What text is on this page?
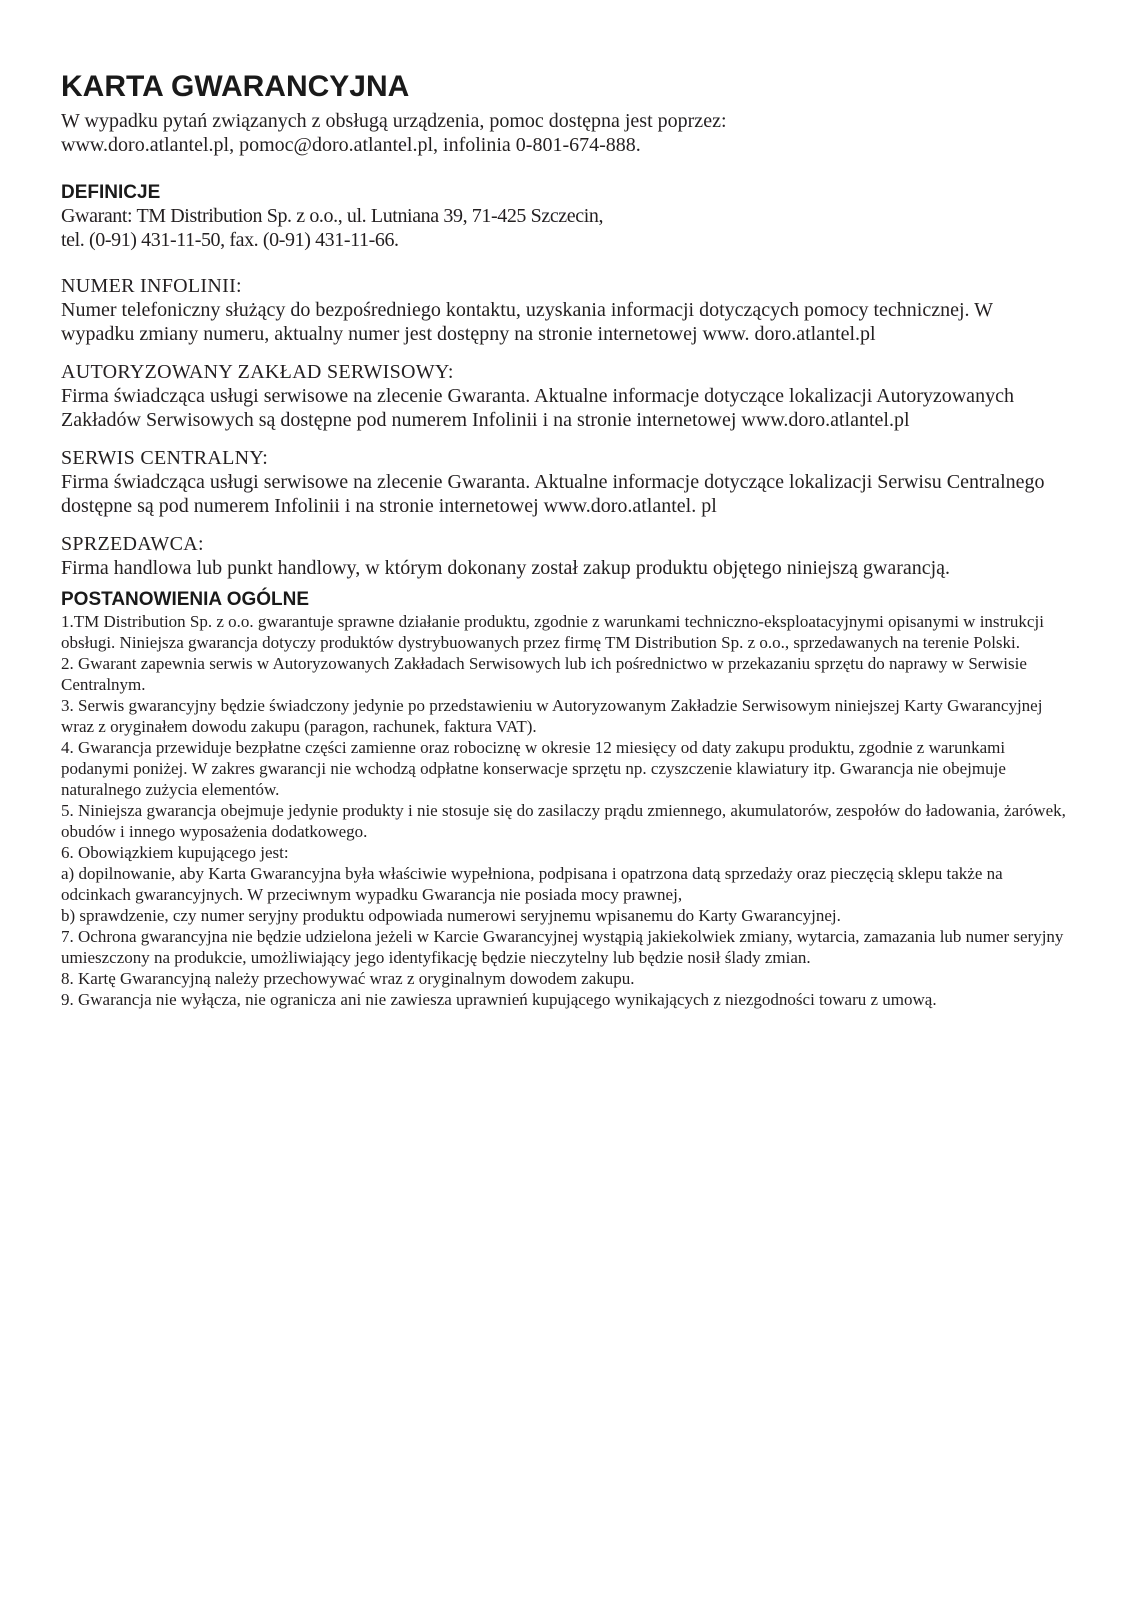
KARTA GWARANCYJNA

W wypadku pytań związanych z obsługą urządzenia, pomoc dostępna jest poprzez:
www.doro.atlantel.pl, pomoc@doro.atlantel.pl, infolinia 0-801-674-888.

DEFINICJE

Gwarant: TM Distribution Sp. z o.o., ul. Lutniana 39, 71-425 Szczecin,
tel. (0-91) 431-11-50, fax. (0-91) 431-11-66.

NUMER INFOLINII:

Numer telefoniczny służący do bezpośredniego kontaktu, uzyskania informacji dotyczących pomocy technicznej. W wypadku zmiany numeru, aktualny numer jest dostępny na stronie internetowej www. doro.atlantel.pl

AUTORYZOWANY ZAKŁAD SERWISOWY:

Firma świadcząca usługi serwisowe na zlecenie Gwaranta. Aktualne informacje dotyczące lokalizacji Autoryzowanych Zakładów Serwisowych są dostępne pod numerem Infolinii i na stronie internetowej www.doro.atlantel.pl

SERWIS CENTRALNY:

Firma świadcząca usługi serwisowe na zlecenie Gwaranta. Aktualne informacje dotyczące lokalizacji Serwisu Centralnego dostępne są pod numerem Infolinii i na stronie internetowej www.doro.atlantel. pl

SPRZEDAWCA:

Firma handlowa lub punkt handlowy, w którym dokonany został zakup produktu objętego niniejszą gwarancją.

POSTANOWIENIA OGÓLNE

1.TM Distribution Sp. z o.o. gwarantuje sprawne działanie produktu, zgodnie z warunkami techniczno-eksploatacyjnymi opisanymi w instrukcji obsługi. Niniejsza gwarancja dotyczy produktów dystrybuowanych przez firmę TM Distribution Sp. z o.o., sprzedawanych na terenie Polski.

2. Gwarant zapewnia serwis w Autoryzowanych Zakładach Serwisowych lub ich pośrednictwo w przekazaniu sprzętu do naprawy w Serwisie Centralnym.

3. Serwis gwarancyjny będzie świadczony jedynie po przedstawieniu w Autoryzowanym Zakładzie Serwisowym niniejszej Karty Gwarancyjnej wraz z oryginałem dowodu zakupu (paragon, rachunek, faktura VAT).

4. Gwarancja przewiduje bezpłatne części zamienne oraz robociznę w okresie 12 miesięcy od daty zakupu produktu, zgodnie z warunkami podanymi poniżej. W zakres gwarancji nie wchodzą odpłatne konserwacje sprzętu np. czyszczenie klawiatury itp. Gwarancja nie obejmuje naturalnego zużycia elementów.

5. Niniejsza gwarancja obejmuje jedynie produkty i nie stosuje się do zasilaczy prądu zmiennego, akumulatorów, zespołów do ładowania, żarówek, obudów i innego wyposażenia dodatkowego.

6. Obowiązkiem kupującego jest:

a) dopilnowanie, aby Karta Gwarancyjna była właściwie wypełniona, podpisana i opatrzona datą sprzedaży oraz pieczęcią sklepu także na odcinkach gwarancyjnych. W przeciwnym wypadku Gwarancja nie posiada mocy prawnej,

b) sprawdzenie, czy numer seryjny produktu odpowiada numerowi seryjnemu wpisanemu do Karty Gwarancyjnej.

7. Ochrona gwarancyjna nie będzie udzielona jeżeli w Karcie Gwarancyjnej wystąpią jakiekolwiek zmiany, wytarcia, zamazania lub numer seryjny umieszczony na produkcie, umożliwiający jego identyfikację będzie nieczytelny lub będzie nosił ślady zmian.

8. Kartę Gwarancyjną należy przechowywać wraz z oryginalnym dowodem zakupu.

9. Gwarancja nie wyłącza, nie ogranicza ani nie zawiesza uprawnień kupującego wynikających z niezgodności towaru z umową.
